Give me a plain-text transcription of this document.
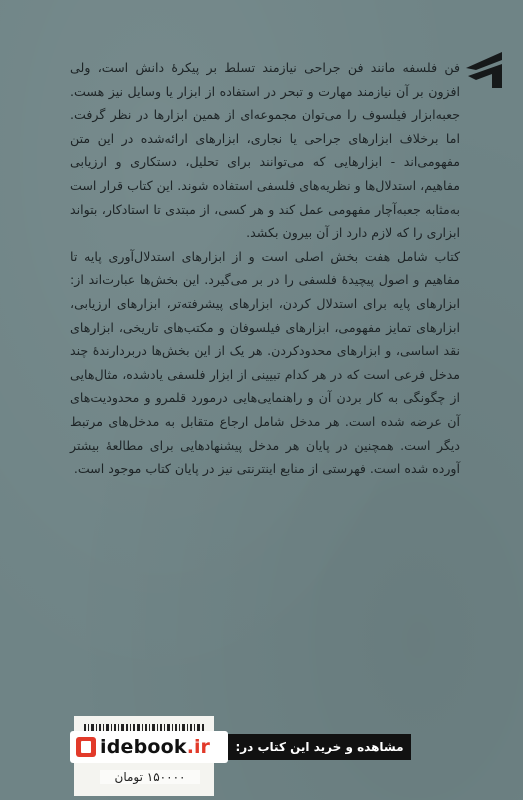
فن فلسفه مانند فن جراحی نیازمند تسلط بر پیکرهٔ دانش است، ولی
افزون بر آن نیازمند مهارت و تبحر در استفاده از ابزار یا وسایل نیز هست.
جعبه‌ابزار فیلسوف را می‌توان مجموعه‌ای از همین ابزارها در نظر گرفت.
اما برخلاف ابزارهای جراحی یا نجاری، ابزارهای ارائه‌شده در این متن
مفهومی‌اند - ابزارهایی که می‌توانند برای تحلیل، دستکاری و ارزیابی
مفاهیم، استدلال‌ها و نظریه‌های فلسفی استفاده شوند. این کتاب قرار است
به‌مثابه جعبه‌آچار مفهومی عمل کند و هر کسی، از مبتدی تا استادکار، بتواند
ابزاری را که لازم دارد از آن بیرون بکشد.

کتاب شامل هفت بخش اصلی است و از ابزارهای استدلال‌آوری پایه تا
مفاهیم و اصول پیچیدهٔ فلسفی را در بر می‌گیرد. این بخش‌ها عبارت‌اند از:
ابزارهای پایه برای استدلال کردن، ابزارهای پیشرفته‌تر، ابزارهای ارزیابی،
ابزارهای تمایز مفهومی، ابزارهای فیلسوفان و مکتب‌های تاریخی، ابزارهای
نقد اساسی، و ابزارهای محدودکردن. هر یک از این بخش‌ها دربردارندهٔ چند
مدخل فرعی است که در هر کدام تبیینی از ابزار فلسفی یادشده، مثال‌هایی
از چگونگی به کار بردن آن و راهنمایی‌هایی درمورد قلمرو و محدودیت‌های
آن عرضه شده است. هر مدخل شامل ارجاع متقابل به مدخل‌های مرتبط
دیگر است. همچنین در پایان هر مدخل پیشنهادهایی برای مطالعهٔ بیشتر
آورده شده است. فهرستی از منابع اینترنتی نیز در پایان کتاب موجود است.

idebook .ir	مشاهده و خرید این کتاب در:
۱۵۰۰۰۰ تومان
